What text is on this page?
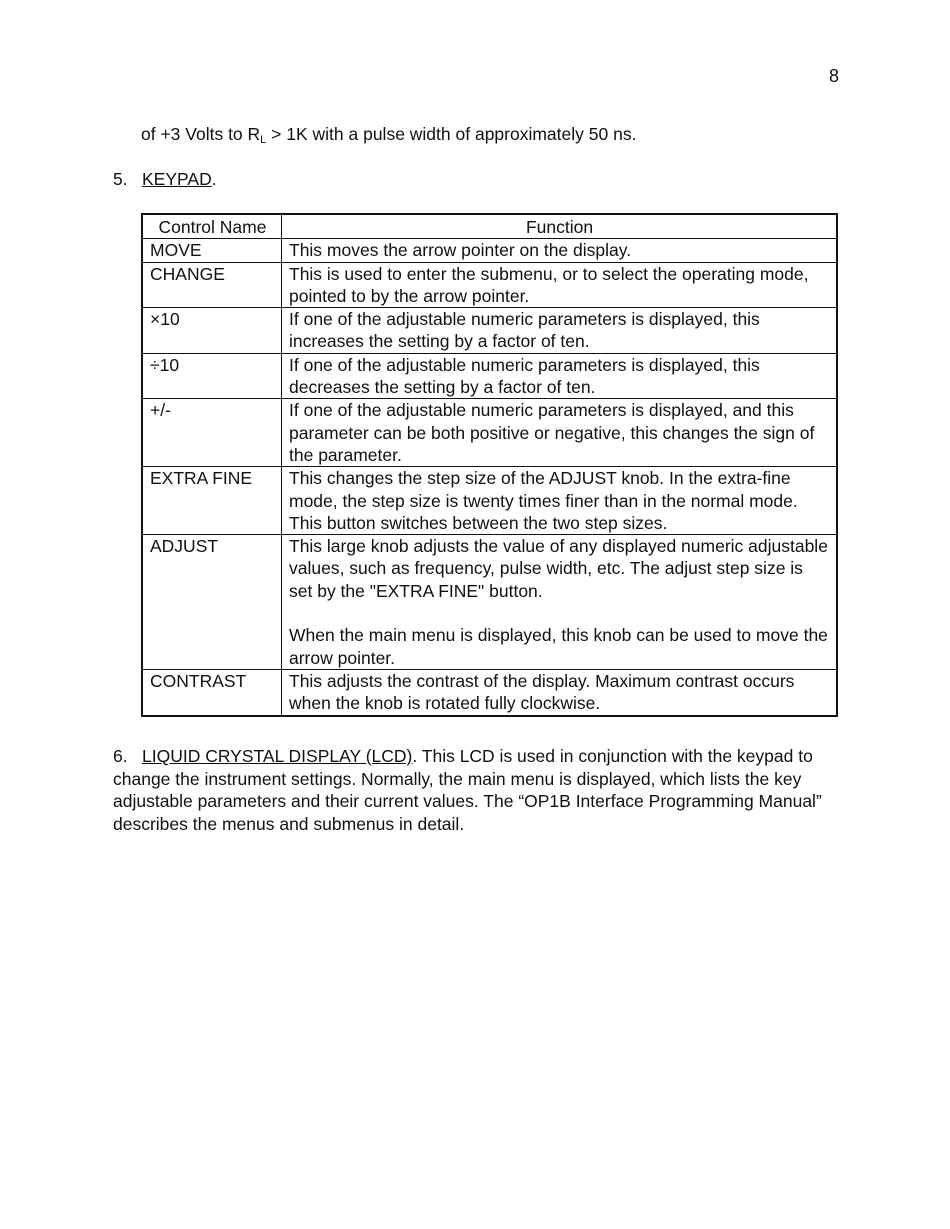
8
of +3 Volts to $R_L > 1K$ with a pulse width of approximately 50 ns.
5. KEYPAD.
Control Name	Function
MOVE	This moves the arrow pointer on the display.

CHANGE	This is used to enter the submenu, or to select the operating mode, pointed to by the arrow pointer.

×10	If one of the adjustable numeric parameters is displayed, this increases the setting by a factor of ten.

÷10	If one of the adjustable numeric parameters is displayed, this decreases the setting by a factor of ten.

+/-	If one of the adjustable numeric parameters is displayed, and this parameter can be both positive or negative, this changes the sign of the parameter.

EXTRA FINE	This changes the step size of the ADJUST knob. In the extra-fine mode, the step size is twenty times finer than in the normal mode. This button switches between the two step sizes.

ADJUST	This large knob adjusts the value of any displayed numeric adjustable values, such as frequency, pulse width, etc. The adjust step size is set by the "EXTRA FINE" button.

When the main menu is displayed, this knob can be used to move the arrow pointer.

CONTRAST	This adjusts the contrast of the display. Maximum contrast occurs when the knob is rotated fully clockwise.

6. LIQUID CRYSTAL DISPLAY (LCD). This LCD is used in conjunction with the keypad to change the instrument settings. Normally, the main menu is displayed, which lists the key adjustable parameters and their current values. The “OP1B Interface Programming Manual” describes the menus and submenus in detail.
